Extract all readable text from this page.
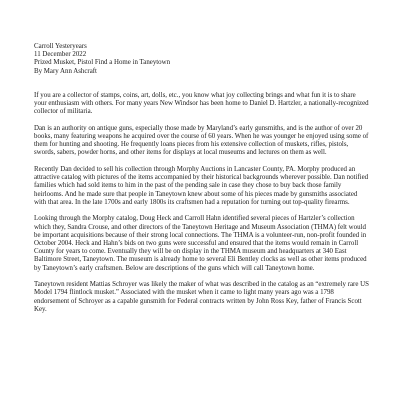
Carroll Yesteryears

11 December 2022

Prized Musket, Pistol Find a Home in Taneytown

By Mary Ann Ashcraft

If you are a collector of stamps, coins, art, dolls, etc., you know what joy collecting brings and what fun it is to share your enthusiasm with others. For many years New Windsor has been home to Daniel D. Hartzler, a nationally-recognized collector of militaria.

Dan is an authority on antique guns, especially those made by Maryland’s early gunsmiths, and is the author of over 20 books, many featuring weapons he acquired over the course of 60 years. When he was younger he enjoyed using some of them for hunting and shooting. He frequently loans pieces from his extensive collection of muskets, rifles, pistols, swords, sabers, powder horns, and other items for displays at local museums and lectures on them as well.

Recently Dan decided to sell his collection through Morphy Auctions in Lancaster County, PA. Morphy produced an attractive catalog with pictures of the items accompanied by their historical backgrounds wherever possible. Dan notified families which had sold items to him in the past of the pending sale in case they chose to buy back those family heirlooms. And he made sure that people in Taneytown knew about some of his pieces made by gunsmiths associated with that area. In the late 1700s and early 1800s its craftsmen had a reputation for turning out top-quality firearms.

Looking through the Morphy catalog, Doug Heck and Carroll Hahn identified several pieces of Hartzler’s collection which they, Sandra Crouse, and other directors of the Taneytown Heritage and Museum Association (THMA) felt would be important acquisitions because of their strong local connections. The THMA is a volunteer-run, non-profit founded in October 2004. Heck and Hahn’s bids on two guns were successful and ensured that the items would remain in Carroll County for years to come. Eventually they will be on display in the THMA museum and headquarters at 340 East Baltimore Street, Taneytown. The museum is already home to several Eli Bentley clocks as well as other items produced by Taneytown’s early craftsmen. Below are descriptions of the guns which will call Taneytown home.

Taneytown resident Mattias Schroyer was likely the maker of what was described in the catalog as an “extremely rare US Model 1794 flintlock musket.” Associated with the musket when it came to light many years ago was a 1798 endorsement of Schroyer as a capable gunsmith for Federal contracts written by John Ross Key, father of Francis Scott Key.
